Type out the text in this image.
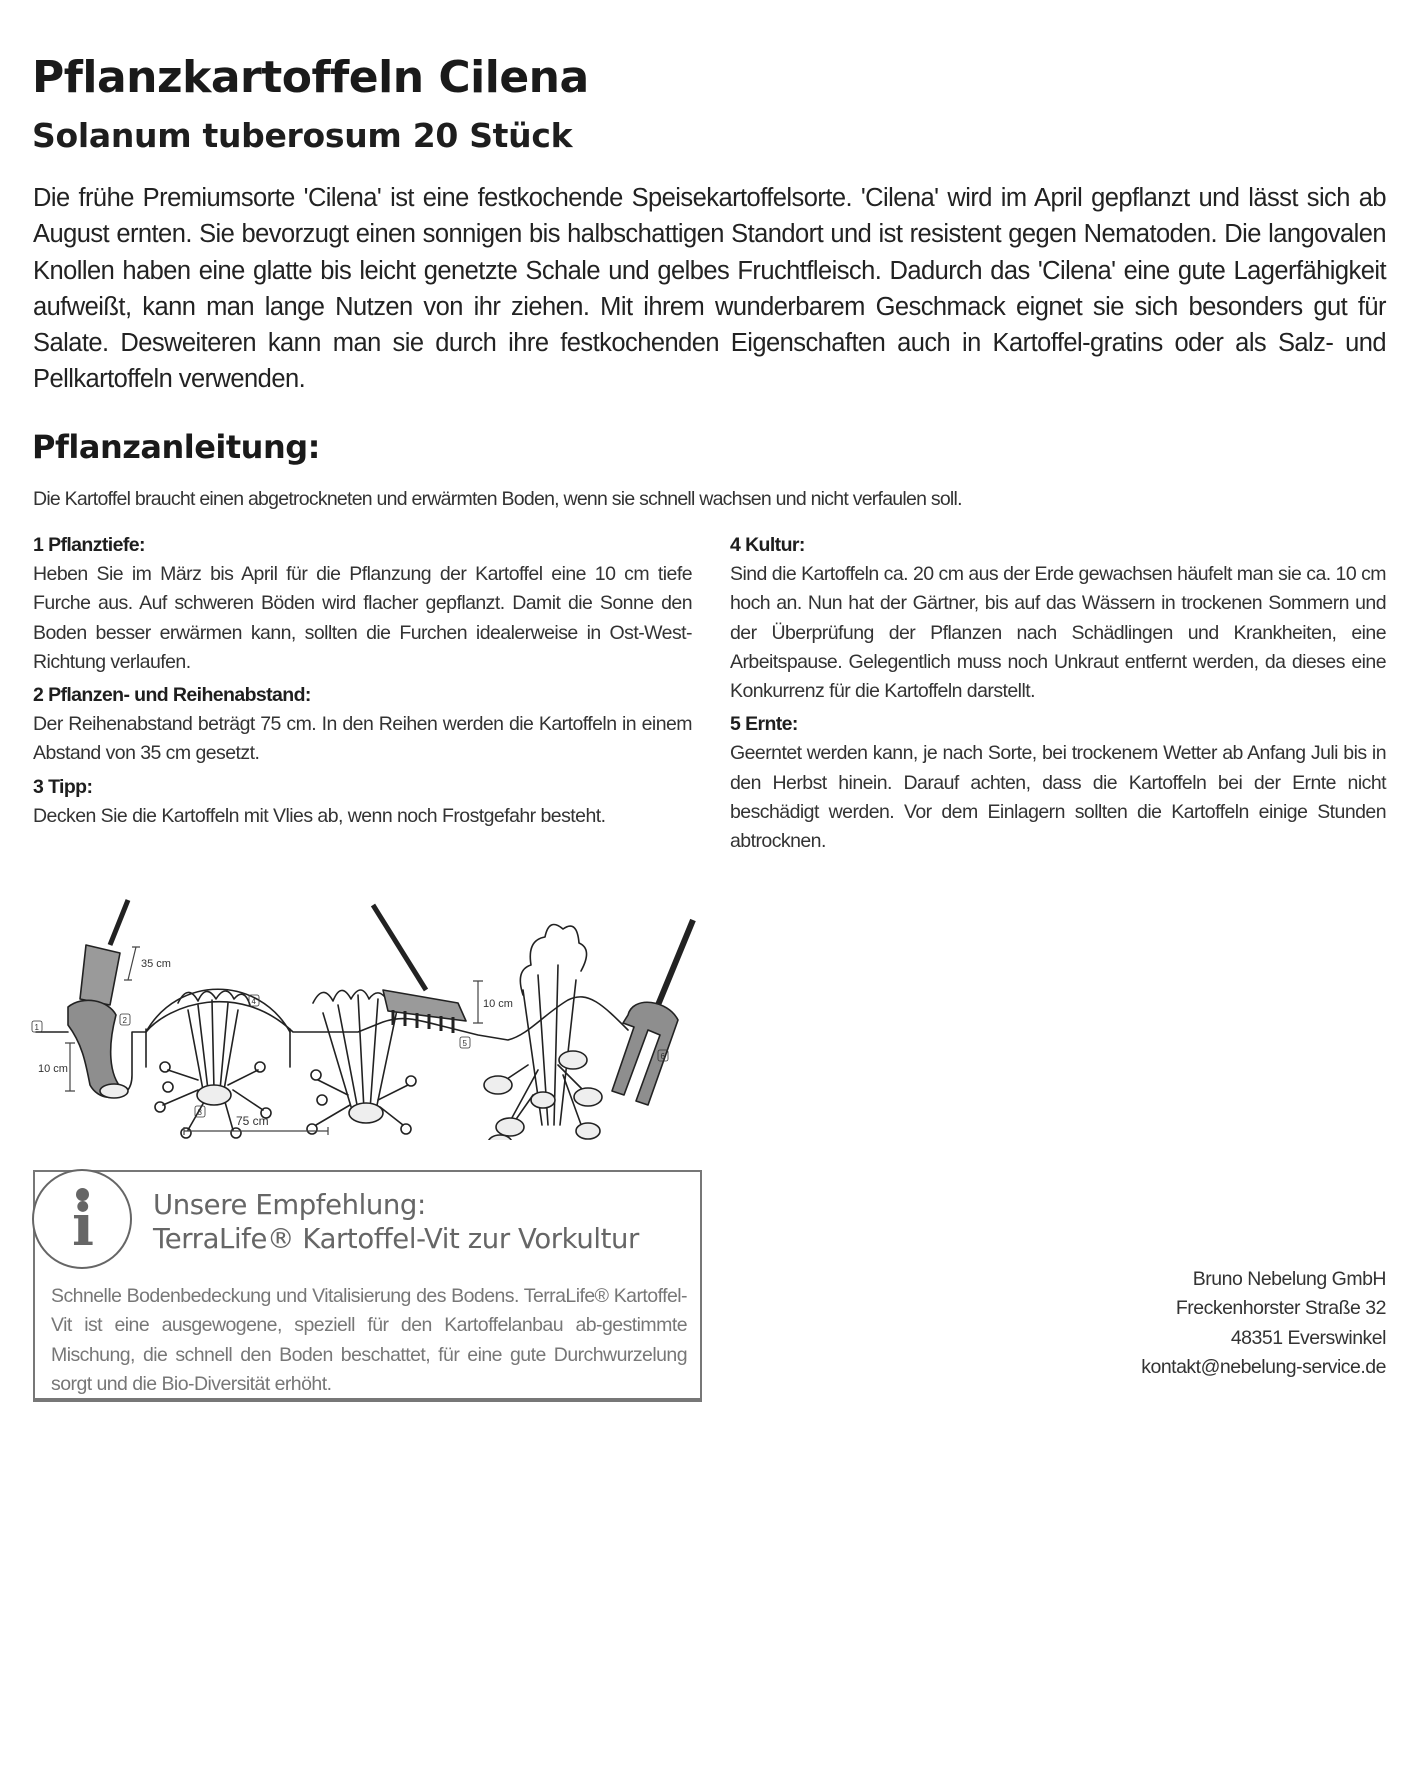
Pflanzkartoffeln Cilena
Solanum tuberosum 20 Stück

Die frühe Premiumsorte 'Cilena' ist eine festkochende Speisekartoffelsorte. 'Cilena' wird im April gepflanzt und lässt sich ab August ernten. Sie bevorzugt einen sonnigen bis halbschattigen Standort und ist resistent gegen Nematoden. Die langovalen Knollen haben eine glatte bis leicht genetzte Schale und gelbes Fruchtfleisch. Dadurch das 'Cilena' eine gute Lagerfähigkeit aufweißt, kann man lange Nutzen von ihr ziehen. Mit ihrem wunderbarem Geschmack eignet sie sich besonders gut für Salate. Desweiteren kann man sie durch ihre festkochenden Eigenschaften auch in Kartoffel-gratins oder als Salz- und Pellkartoffeln verwenden.

Pflanzanleitung:

Die Kartoffel braucht einen abgetrockneten und erwärmten Boden, wenn sie schnell wachsen und nicht verfaulen soll.

1 Pflanztiefe:

Heben Sie im März bis April für die Pflanzung der Kartoffel eine 10 cm tiefe Furche aus. Auf schweren Böden wird flacher gepflanzt. Damit die Sonne den Boden besser erwärmen kann, sollten die Furchen idealerweise in Ost-West-Richtung verlaufen.

2 Pflanzen- und Reihenabstand:

Der Reihenabstand beträgt 75 cm. In den Reihen werden die Kartoffeln in einem Abstand von 35 cm gesetzt.

3 Tipp:

Decken Sie die Kartoffeln mit Vlies ab, wenn noch Frostgefahr besteht.

4 Kultur:

Sind die Kartoffeln ca. 20 cm aus der Erde gewachsen häufelt man sie ca. 10 cm hoch an. Nun hat der Gärtner, bis auf das Wässern in trockenen Sommern und der Überprüfung der Pflanzen nach Schädlingen und Krankheiten, eine Arbeitspause. Gelegentlich muss noch Unkraut entfernt werden, da dieses eine Konkurrenz für die Kartoffeln darstellt.

5 Ernte:

Geerntet werden kann, je nach Sorte, bei trockenem Wetter ab Anfang Juli bis in den Herbst hinein. Darauf achten, dass die Kartoffeln bei der Ernte nicht beschädigt werden. Vor dem Einlagern sollten die Kartoffeln einige Stunden abtrocknen.

10 cm
35 cm
10 cm
75 cm
1
2
3
4
5
6
i	Unsere Empfehlung:
TerraLife® Kartoffel-Vit zur Vorkultur

Schnelle Bodenbedeckung und Vitalisierung des Bodens. TerraLife® Kartoffel-Vit ist eine ausgewogene, speziell für den Kartoffelanbau ab-gestimmte Mischung, die schnell den Boden beschattet, für eine gute Durchwurzelung sorgt und die Bio-Diversität erhöht.

Bruno Nebelung GmbH
Freckenhorster Straße 32
48351 Everswinkel
kontakt@nebelung-service.de
